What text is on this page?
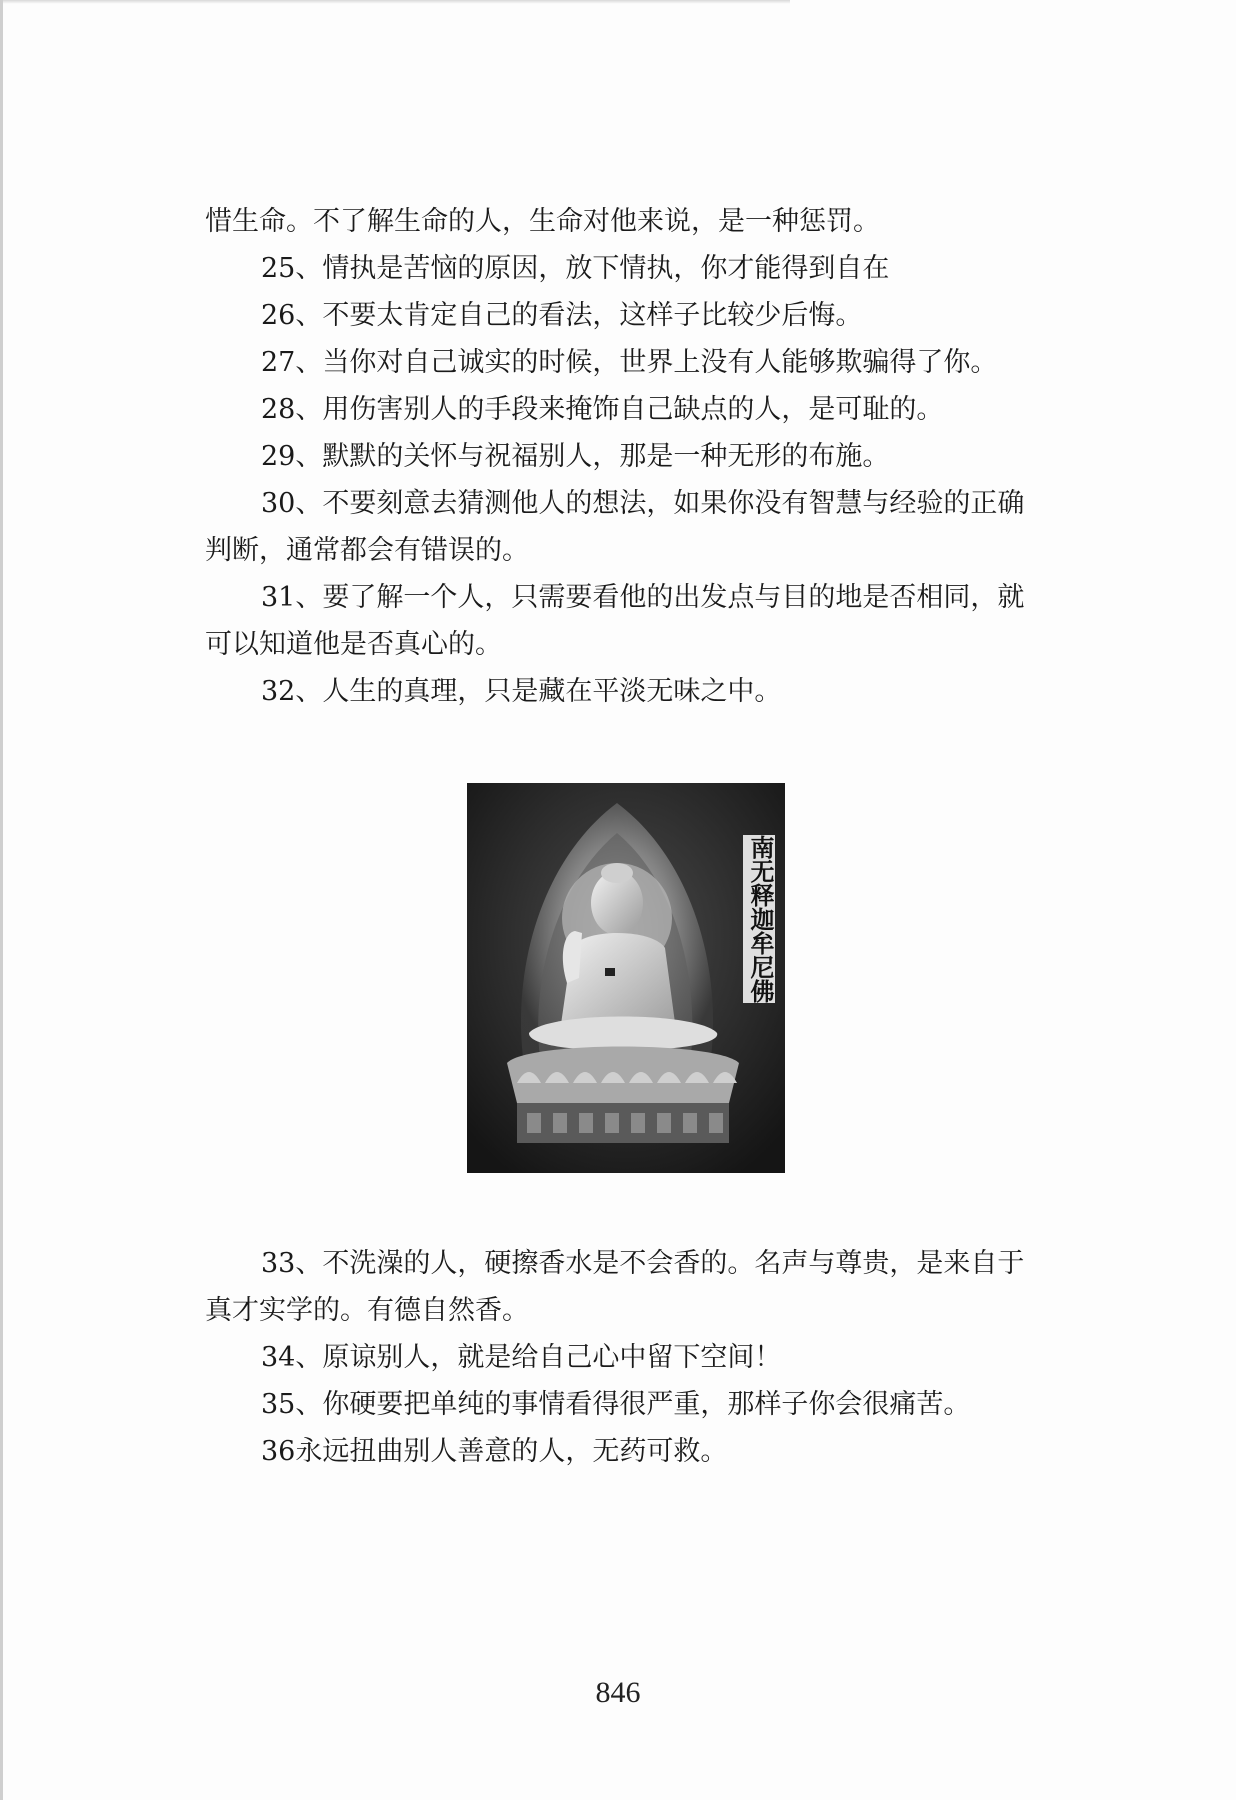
惜生命。不了解生命的人，生命对他来说，是一种惩罚。
25、情执是苦恼的原因，放下情执，你才能得到自在
26、不要太肯定自己的看法，这样子比较少后悔。
27、当你对自己诚实的时候，世界上没有人能够欺骗得了你。
28、用伤害别人的手段来掩饰自己缺点的人，是可耻的。
29、默默的关怀与祝福别人，那是一种无形的布施。
30、不要刻意去猜测他人的想法，如果你没有智慧与经验的正确
判断，通常都会有错误的。
31、要了解一个人，只需要看他的出发点与目的地是否相同，就
可以知道他是否真心的。
32、人生的真理，只是藏在平淡无味之中。
南无释迦牟尼佛
33、不洗澡的人，硬擦香水是不会香的。名声与尊贵，是来自于
真才实学的。有德自然香。
34、原谅别人，就是给自己心中留下空间！
35、你硬要把单纯的事情看得很严重，那样子你会很痛苦。
36永远扭曲别人善意的人，无药可救。
846
